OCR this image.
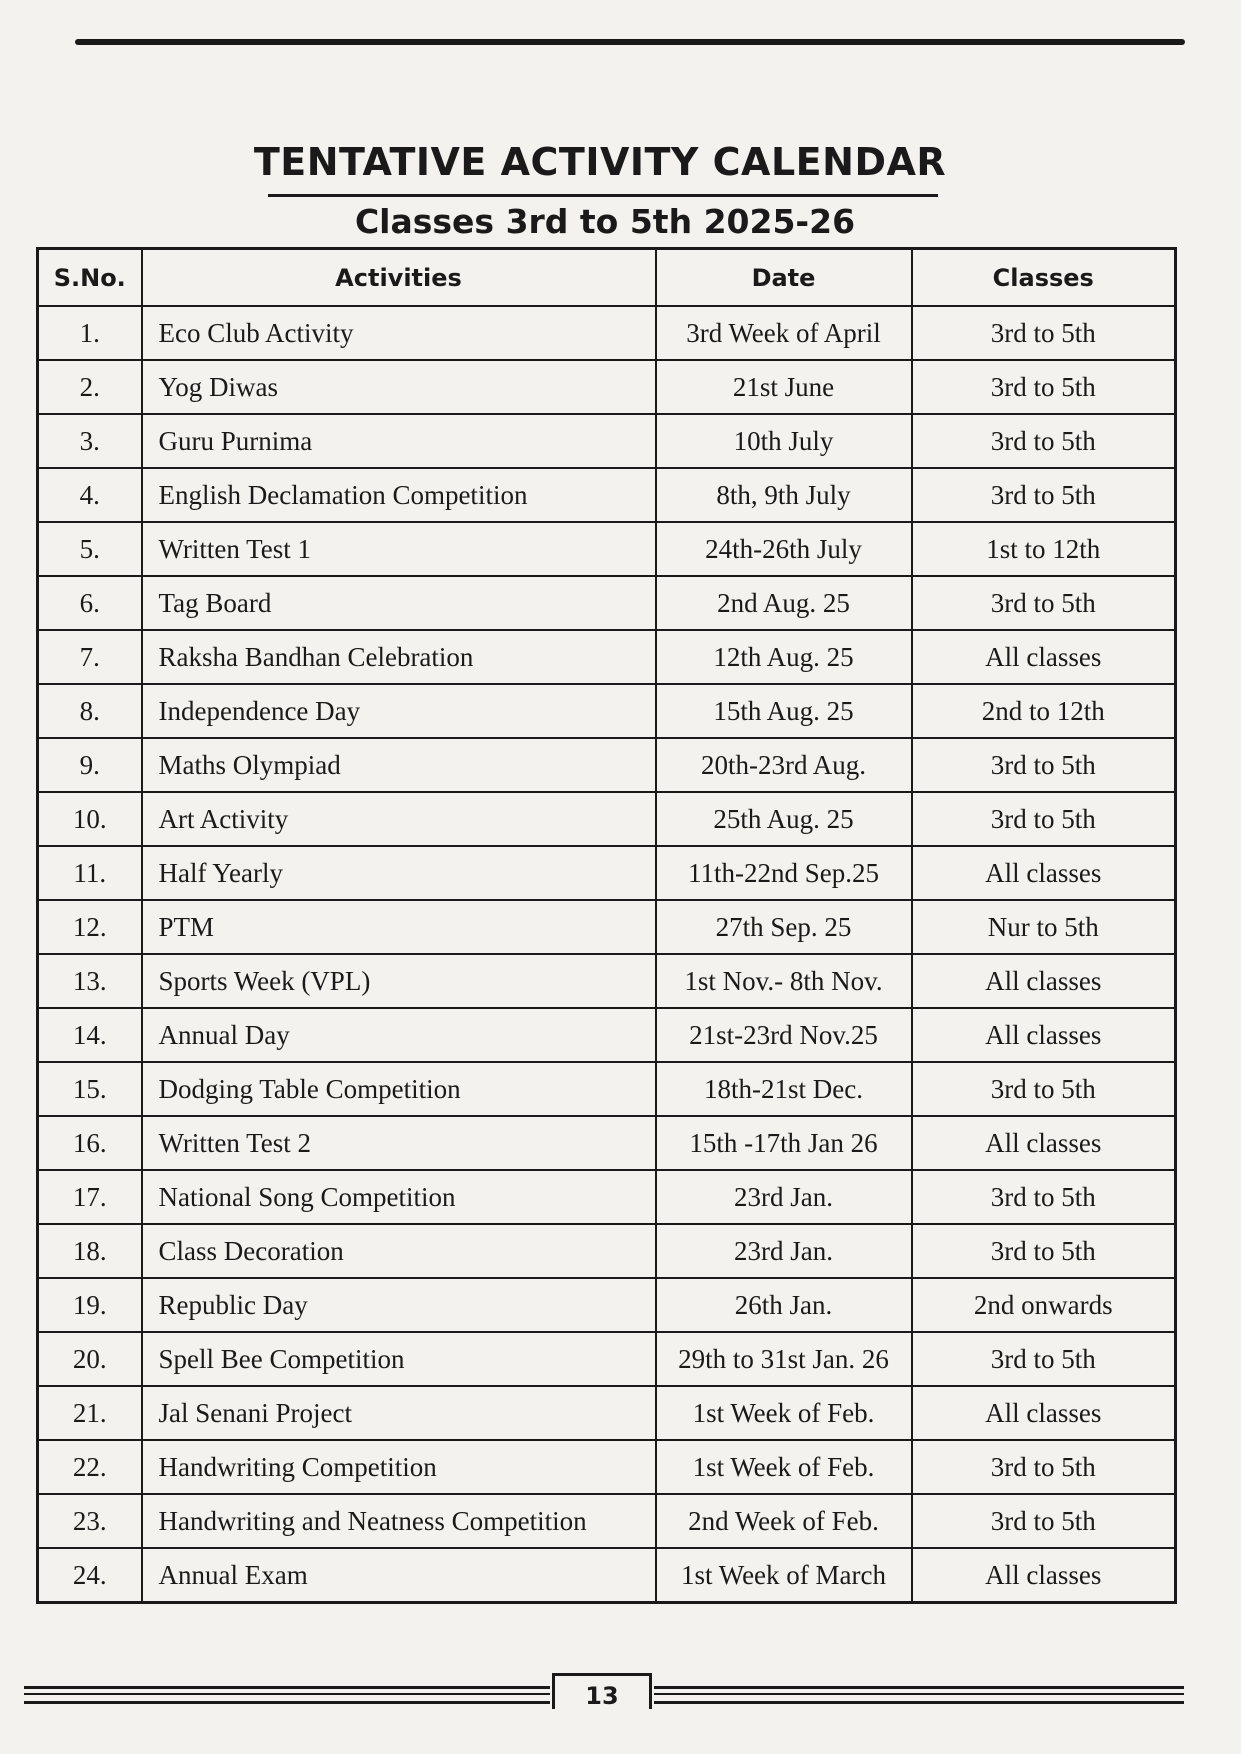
TENTATIVE ACTIVITY CALENDAR
Classes 3rd to 5th 2025-26
S.No.	Activities	Date	Classes
1.	Eco Club Activity	3rd Week of April	3rd to 5th
2.	Yog Diwas	21st June	3rd to 5th
3.	Guru Purnima	10th July	3rd to 5th
4.	English Declamation Competition	8th, 9th July	3rd to 5th
5.	Written Test 1	24th-26th July	1st to 12th
6.	Tag Board	2nd Aug. 25	3rd to 5th
7.	Raksha Bandhan Celebration	12th Aug. 25	All classes
8.	Independence Day	15th Aug. 25	2nd to 12th
9.	Maths Olympiad	20th-23rd Aug.	3rd to 5th
10.	Art Activity	25th Aug. 25	3rd to 5th
11.	Half Yearly	11th-22nd Sep.25	All classes
12.	PTM	27th Sep. 25	Nur to 5th
13.	Sports Week (VPL)	1st Nov.- 8th Nov.	All classes
14.	Annual Day	21st-23rd Nov.25	All classes
15.	Dodging Table Competition	18th-21st Dec.	3rd to 5th
16.	Written Test 2	15th -17th Jan 26	All classes
17.	National Song Competition	23rd Jan.	3rd to 5th
18.	Class Decoration	23rd Jan.	3rd to 5th
19.	Republic Day	26th Jan.	2nd onwards
20.	Spell Bee Competition	29th to 31st Jan. 26	3rd to 5th
21.	Jal Senani Project	1st Week of Feb.	All classes
22.	Handwriting Competition	1st Week of Feb.	3rd to 5th
23.	Handwriting and Neatness Competition	2nd Week of Feb.	3rd to 5th
24.	Annual Exam	1st Week of March	All classes
13
